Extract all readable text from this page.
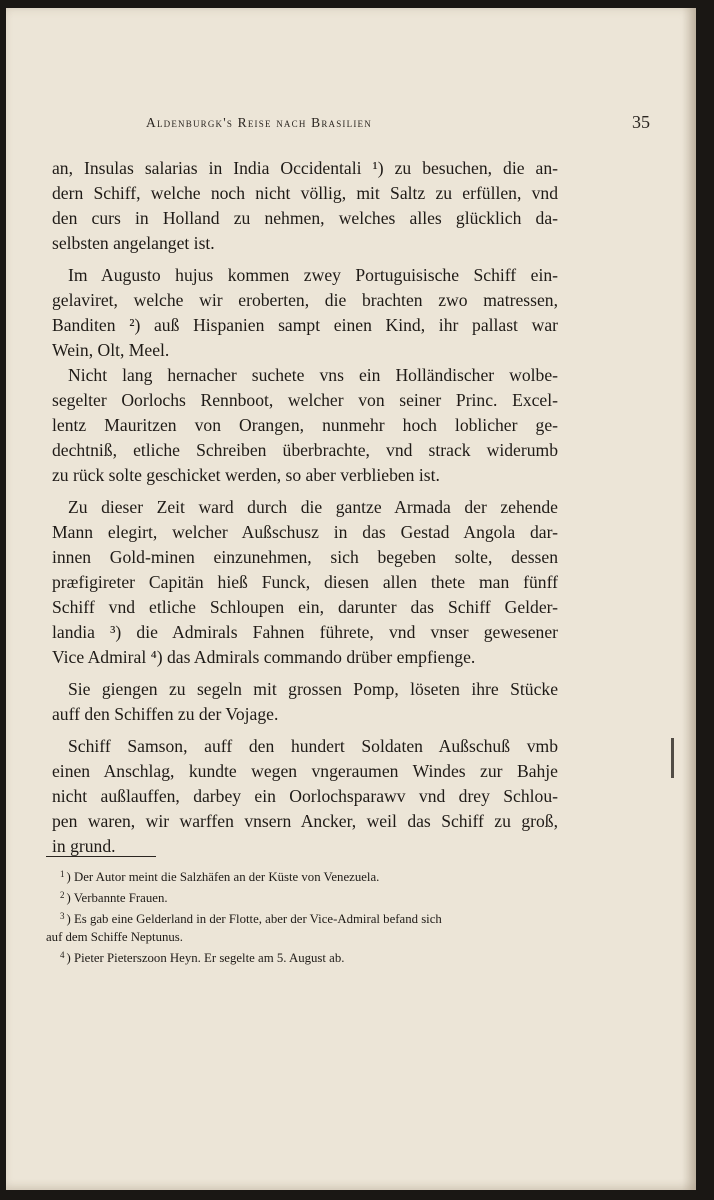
Aldenburgk's Reise nach Brasilien	35
an, Insulas salarias in India Occidentali ¹) zu besuchen, die an-
dern Schiff, welche noch nicht völlig, mit Saltz zu erfüllen, vnd
den curs in Holland zu nehmen, welches alles glücklich da-
selbsten angelanget ist.
Im Augusto hujus kommen zwey Portuguisische Schiff ein-
gelaviret, welche wir eroberten, die brachten zwo matressen,
Banditen ²) auß Hispanien sampt einen Kind, ihr pallast war
Wein, Olt, Meel.
Nicht lang hernacher suchete vns ein Holländischer wolbe-
segelter Oorlochs Rennboot, welcher von seiner Princ. Excel-
lentz Mauritzen von Orangen, nunmehr hoch loblicher ge-
dechtniß, etliche Schreiben überbrachte, vnd strack widerumb
zu rück solte geschicket werden, so aber verblieben ist.
Zu dieser Zeit ward durch die gantze Armada der zehende
Mann elegirt, welcher Außschusz in das Gestad Angola dar-
innen Gold-minen einzunehmen, sich begeben solte, dessen
præfigireter Capitän hieß Funck, diesen allen thete man fünff
Schiff vnd etliche Schloupen ein, darunter das Schiff Gelder-
landia ³) die Admirals Fahnen führete, vnd vnser gewesener
Vice Admiral ⁴) das Admirals commando drüber empfienge.
Sie giengen zu segeln mit grossen Pomp, löseten ihre Stücke
auff den Schiffen zu der Vojage.
Schiff Samson, auff den hundert Soldaten Außschuß vmb
einen Anschlag, kundte wegen vngeraumen Windes zur Bahje
nicht außlauffen, darbey ein Oorlochsparawv vnd drey Schlou-
pen waren, wir warffen vnsern Ancker, weil das Schiff zu groß,
in grund.
$^1$ ) Der Autor meint die Salzhäfen an der Küste von Venezuela.
$^2$ ) Verbannte Frauen.
$^3$ ) Es gab eine Gelderland in der Flotte, aber der Vice-Admiral befand sich
auf dem Schiffe Neptunus.
$^4$ ) Pieter Pieterszoon Heyn. Er segelte am 5. August ab.
